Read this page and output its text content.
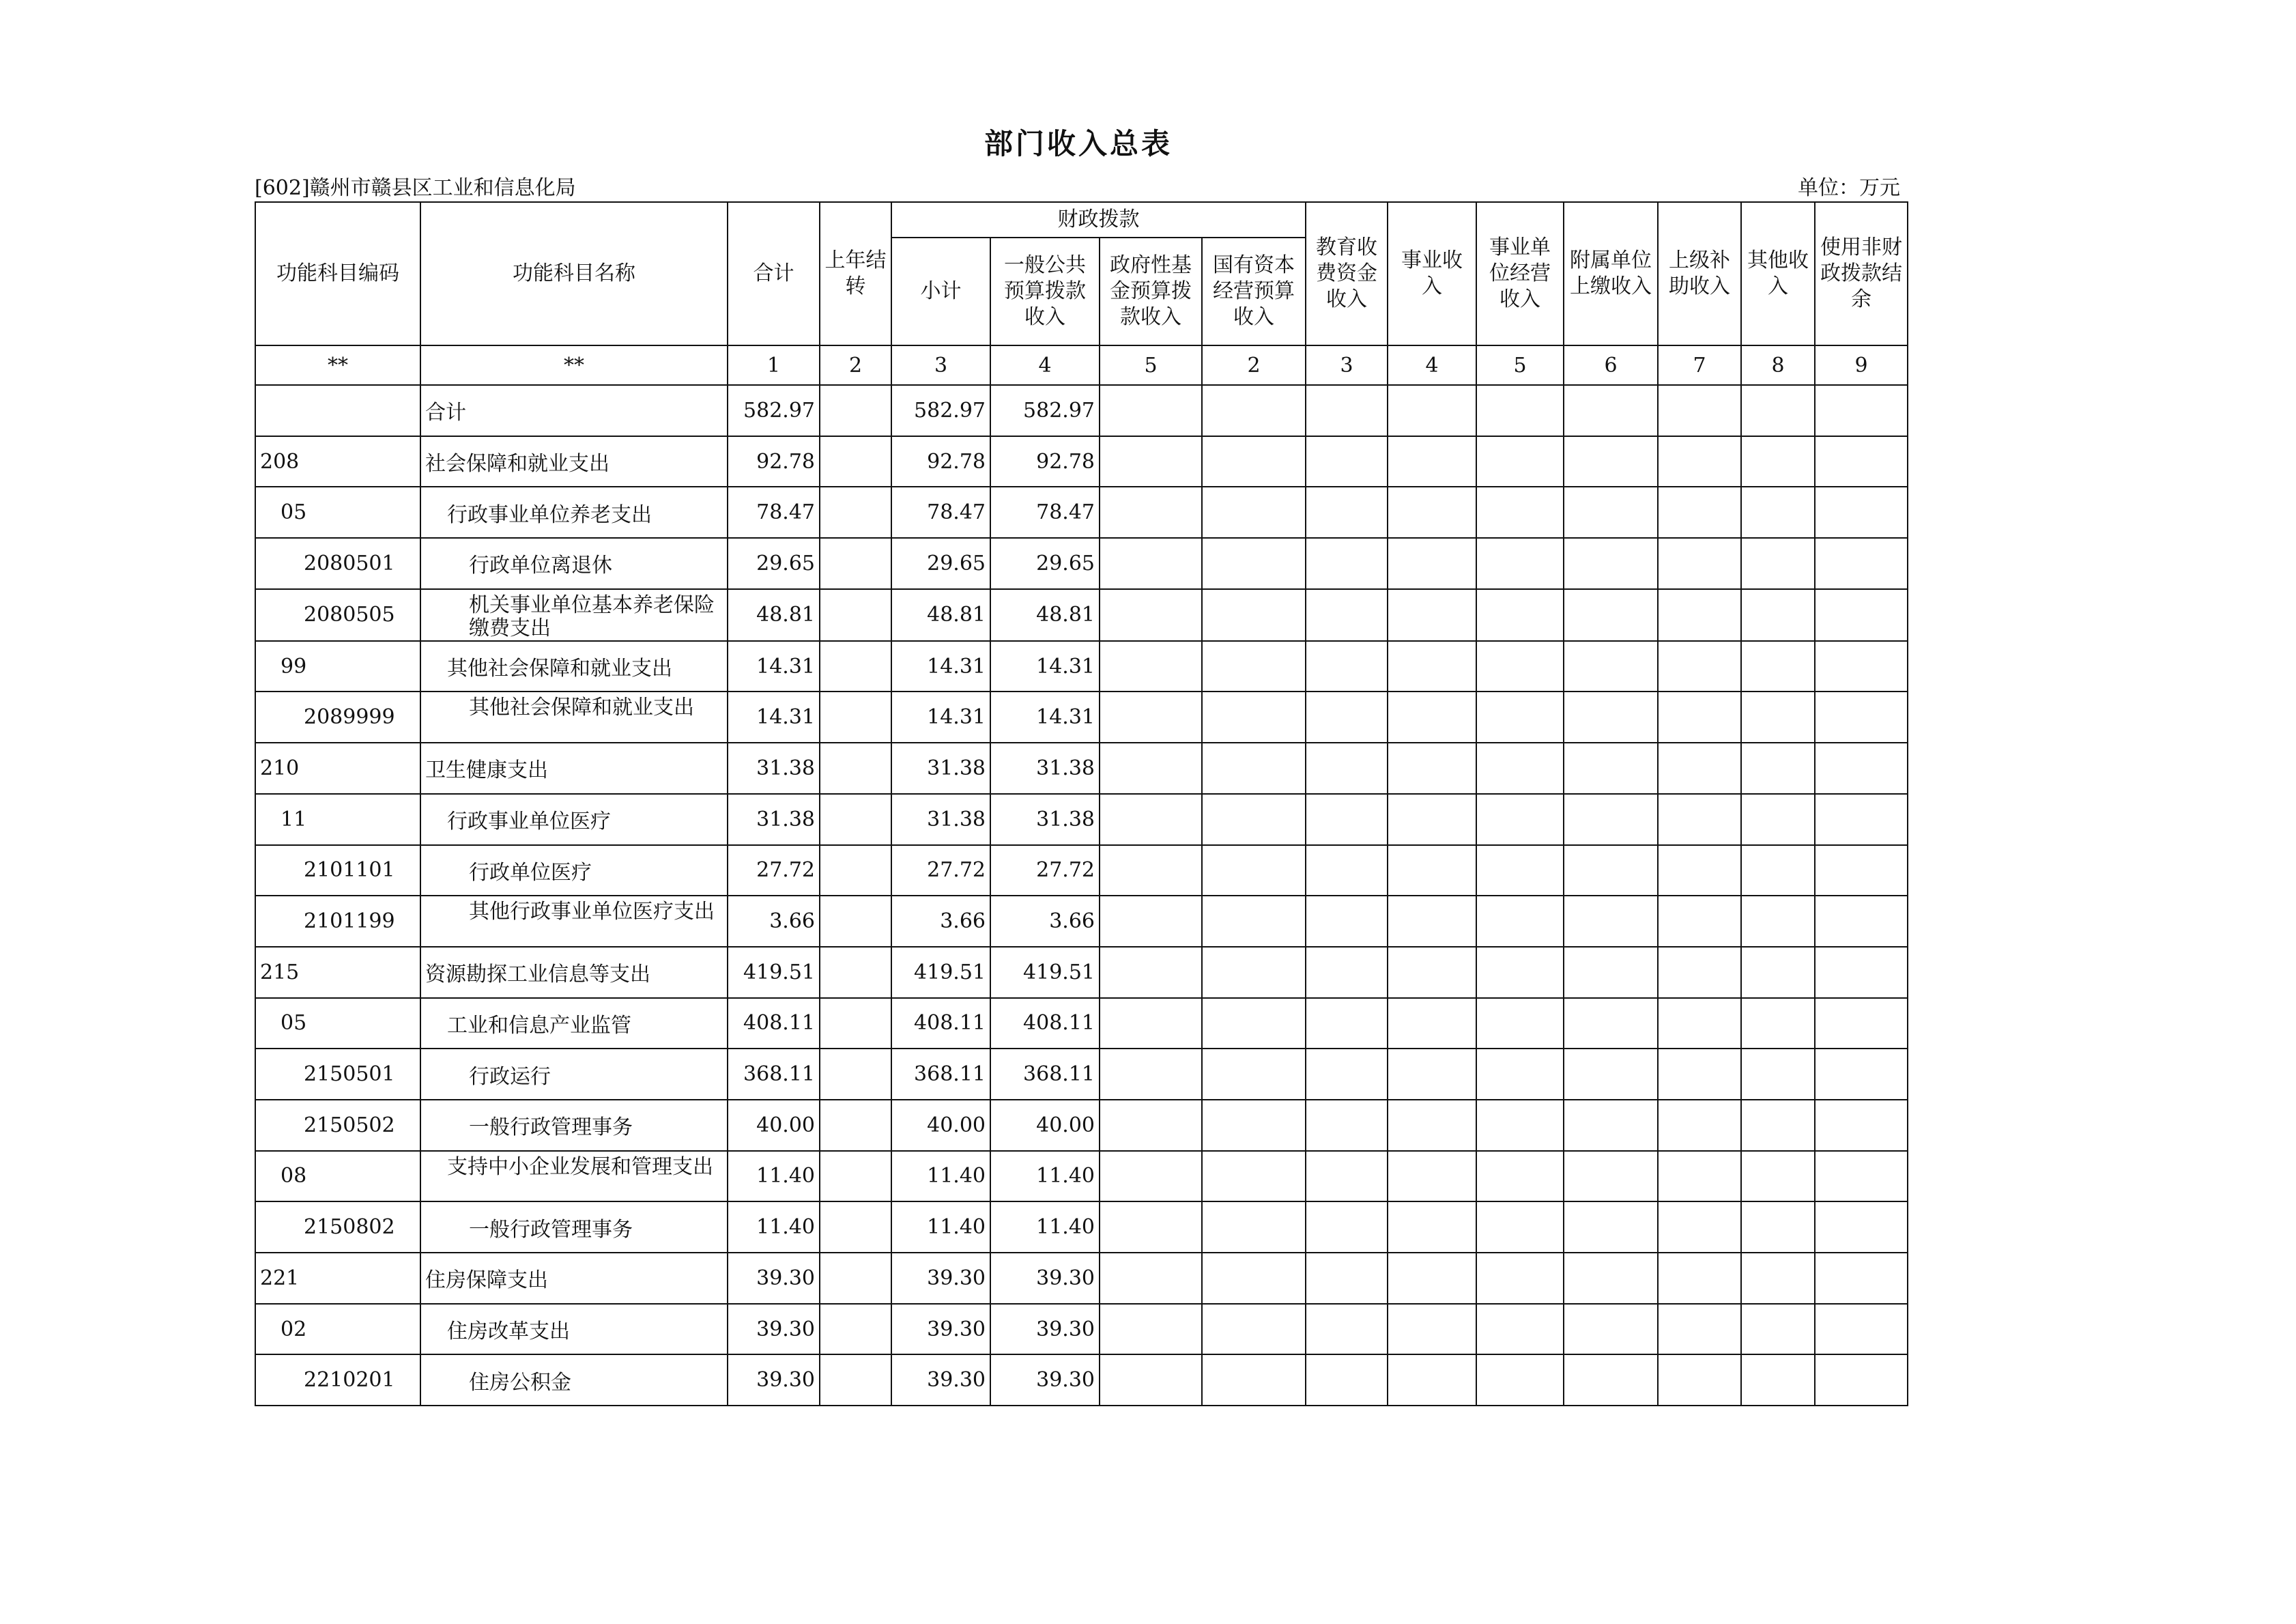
部门收入总表
[602]赣州市赣县区工业和信息化局	单位：万元
功能科目编码	功能科目名称	合计	上年结转	财政拨款				教育收费资金收入	事业收入	事业单位经营收入	附属单位上缴收入	上级补助收入	其他收入	使用非财政拨款结余
				小计	一般公共预算拨款收入	政府性基金预算拨款收入	国有资本经营预算收入							
**	**	1	2	3	4	5	2	3	4	5	6	7	8	9
	合计	582.97		582.97	582.97									
208	社会保障和就业支出	92.78		92.78	92.78									
05	行政事业单位养老支出	78.47		78.47	78.47									
2080501	行政单位离退休	29.65		29.65	29.65									
2080505	机关事业单位基本养老保险缴费支出	48.81		48.81	48.81									
99	其他社会保障和就业支出	14.31		14.31	14.31									
2089999	其他社会保障和就业支出	14.31		14.31	14.31									
210	卫生健康支出	31.38		31.38	31.38									
11	行政事业单位医疗	31.38		31.38	31.38									
2101101	行政单位医疗	27.72		27.72	27.72									
2101199	其他行政事业单位医疗支出	3.66		3.66	3.66									
215	资源勘探工业信息等支出	419.51		419.51	419.51									
05	工业和信息产业监管	408.11		408.11	408.11									
2150501	行政运行	368.11		368.11	368.11									
2150502	一般行政管理事务	40.00		40.00	40.00									
08	支持中小企业发展和管理支出	11.40		11.40	11.40									
2150802	一般行政管理事务	11.40		11.40	11.40									
221	住房保障支出	39.30		39.30	39.30									
02	住房改革支出	39.30		39.30	39.30									
2210201	住房公积金	39.30		39.30	39.30									
